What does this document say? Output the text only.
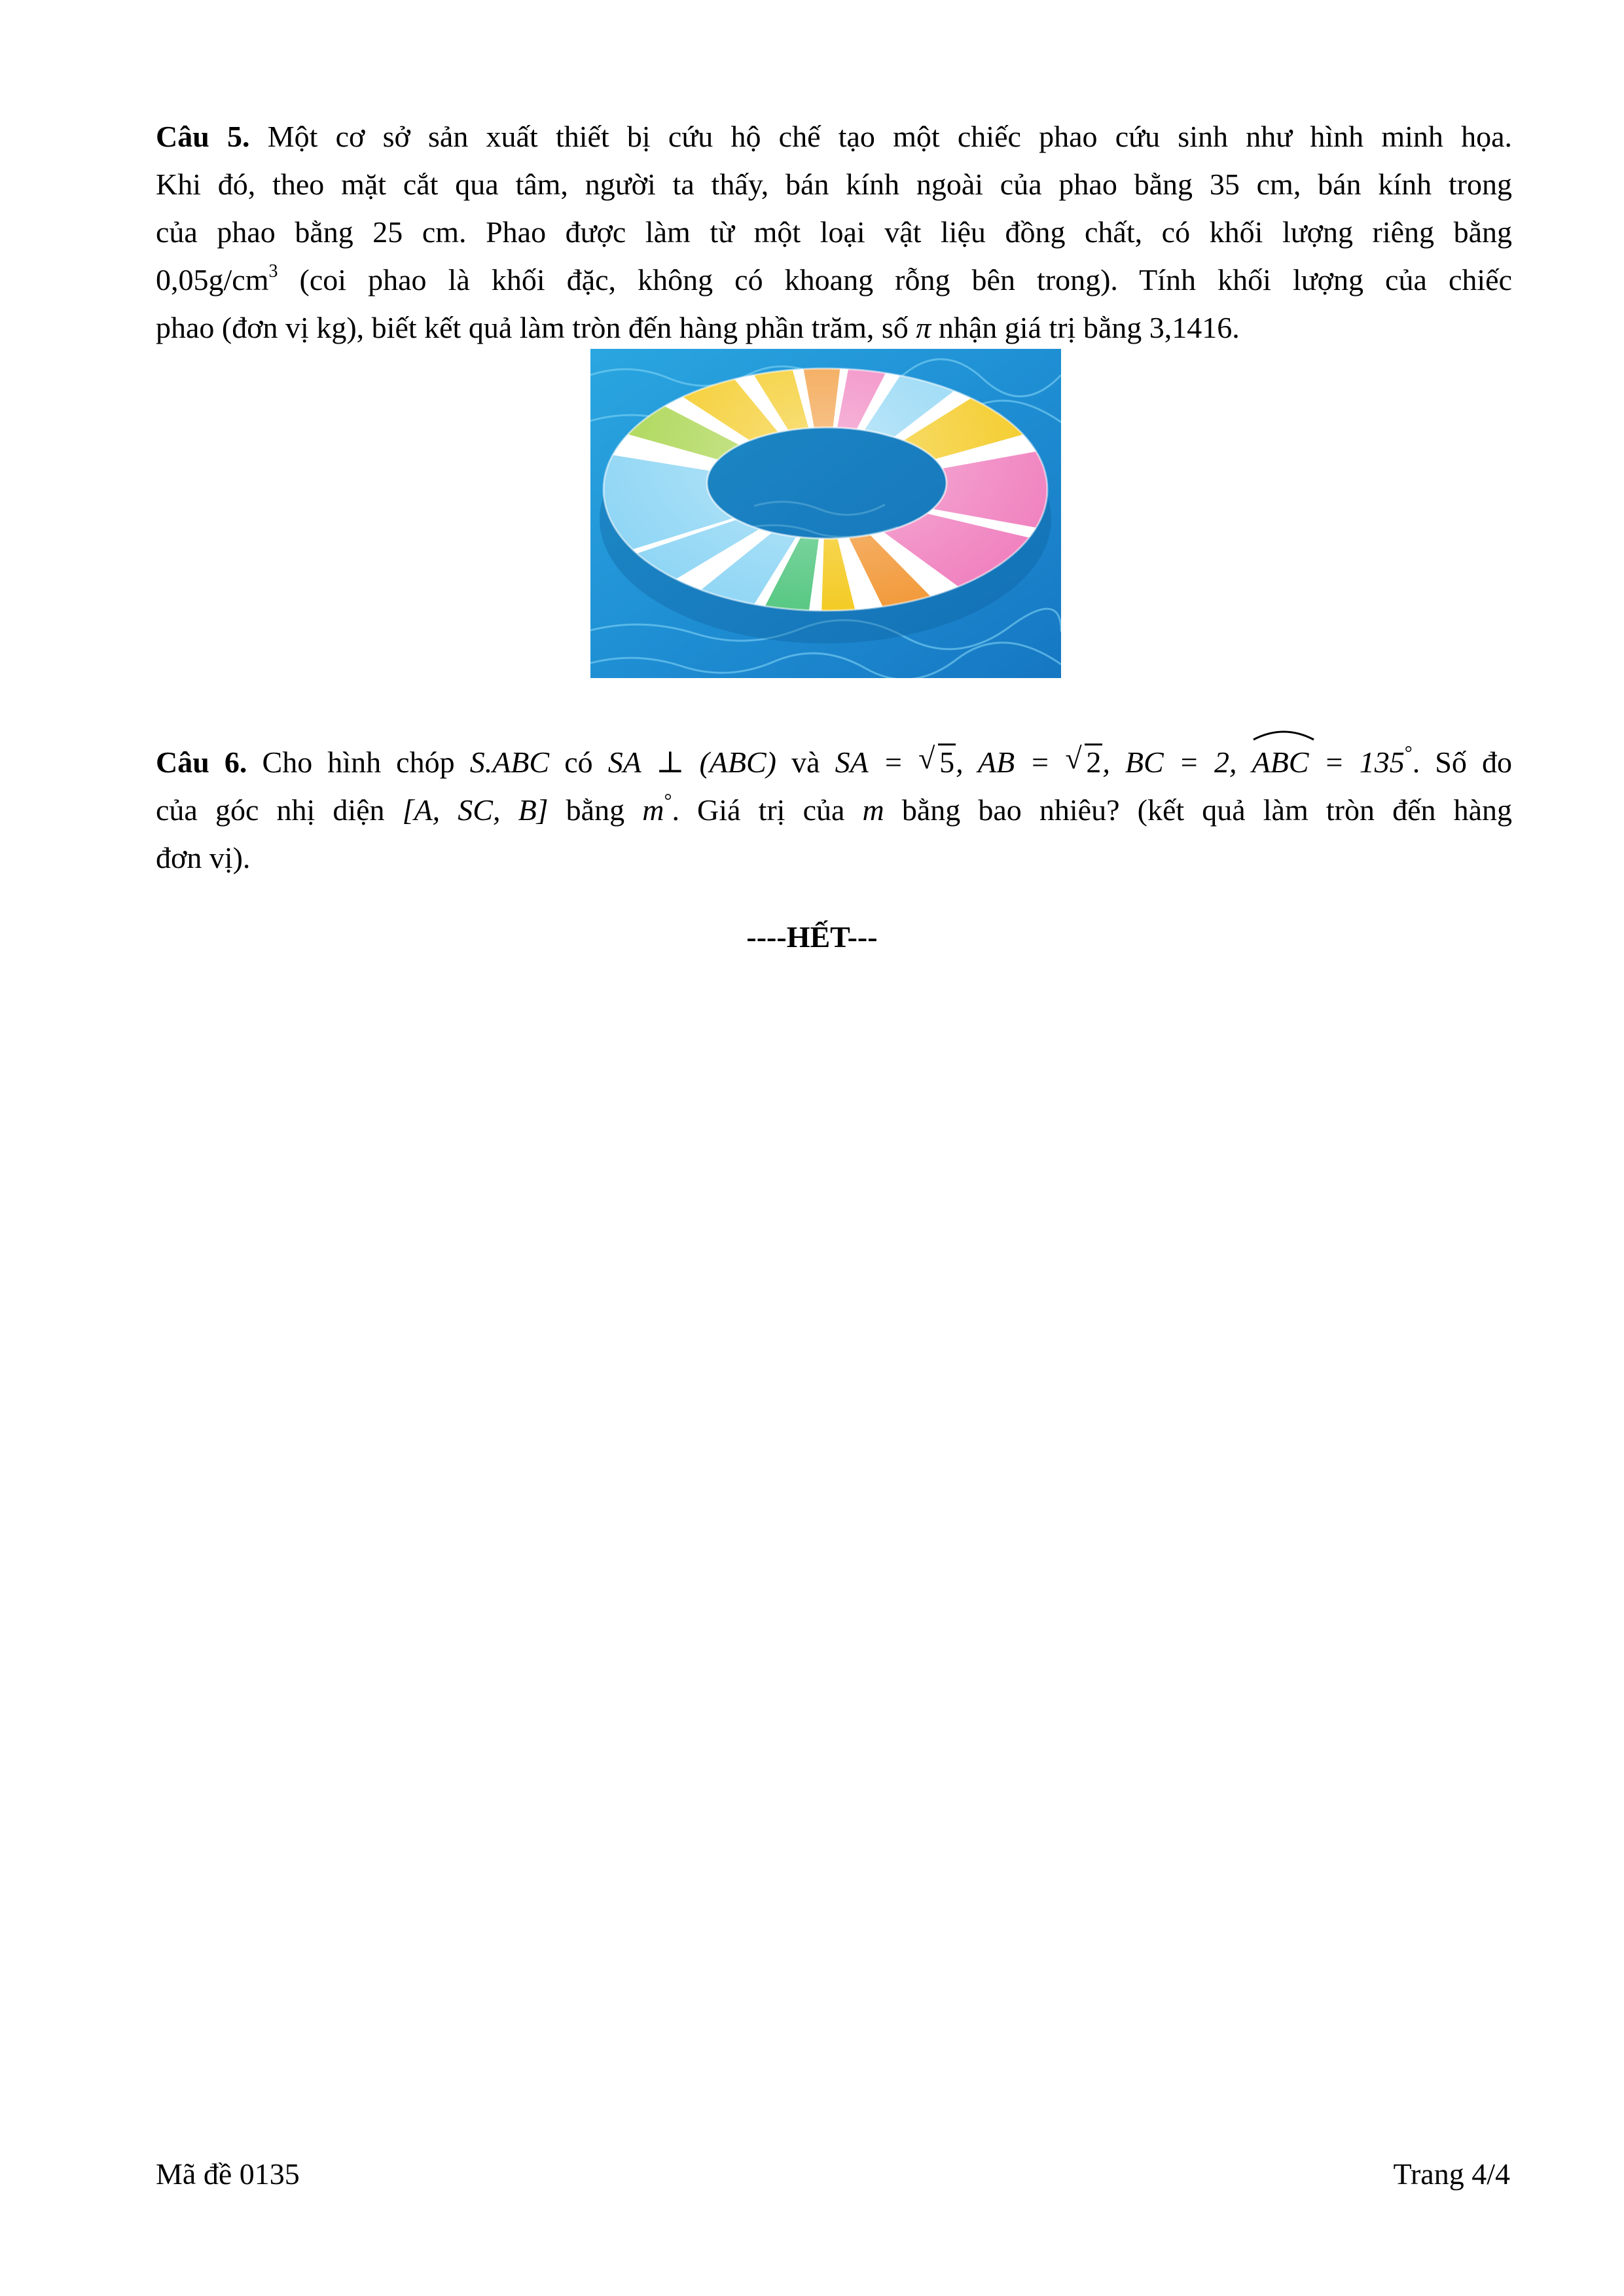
Câu 5. Một cơ sở sản xuất thiết bị cứu hộ chế tạo một chiếc phao cứu sinh như hình minh họa.
Khi đó, theo mặt cắt qua tâm, người ta thấy, bán kính ngoài của phao bằng 35 cm, bán kính trong
của phao bằng 25 cm. Phao được làm từ một loại vật liệu đồng chất, có khối lượng riêng bằng
$0,05g/cm^3$ (coi phao là khối đặc, không có khoang rỗng bên trong). Tính khối lượng của chiếc
phao (đơn vị kg), biết kết quả làm tròn đến hàng phần trăm, số π nhận giá trị bằng 3,1416.
Câu 6. Cho hình chóp S.ABC có SA ⊥ (ABC) và SA = √ 5, AB = √ 2, BC = 2,
ABC = 135°. Số đo
của góc nhị diện [A, SC, B] bằng m°. Giá trị của m bằng bao nhiêu? (kết quả làm tròn đến hàng
đơn vị).
----HẾT---
Mã đề 0135	Trang 4/4
